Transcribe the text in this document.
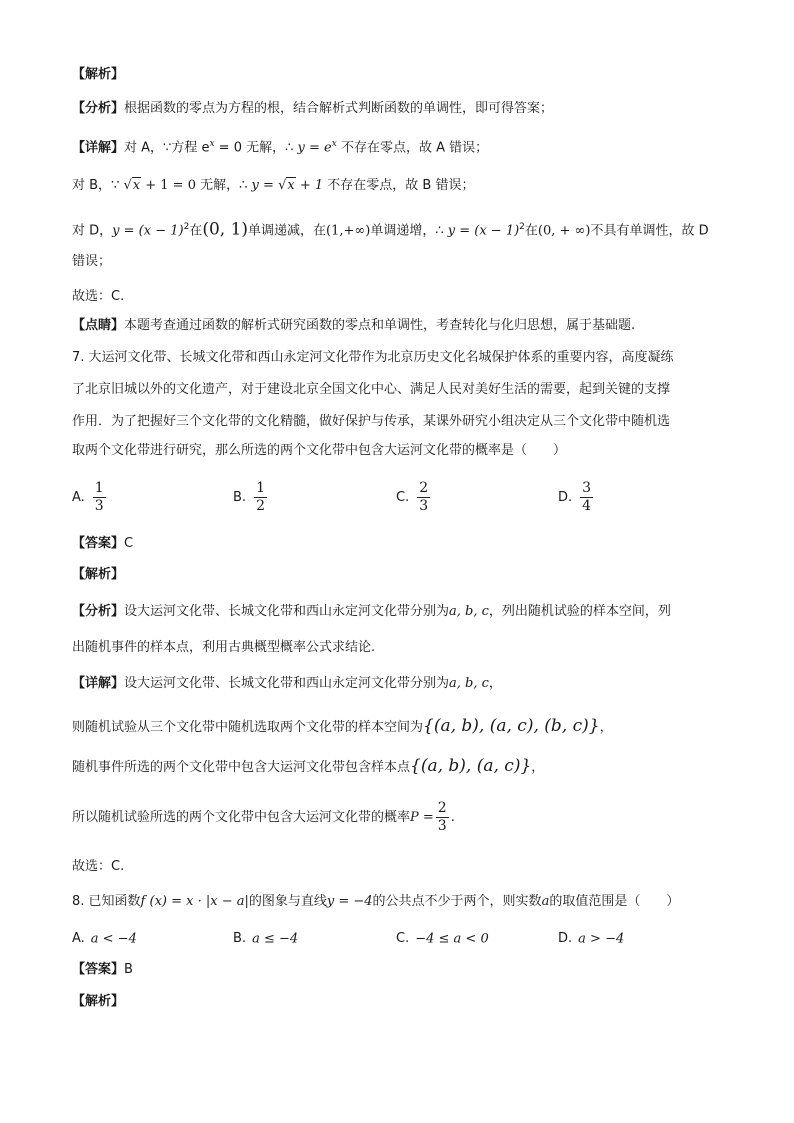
【解析】
【分析】根据函数的零点为方程的根，结合解析式判断函数的单调性，即可得答案；
【详解】对 A，∵方程 $e^x = 0$ 无解，∴ $y = e^x$ 不存在零点，故 A 错误；
对 B，∵ √x + 1 = 0 无解，∴ y = √x + 1 不存在零点，故 B 错误；
对 D，$y = (x - 1)^2$在(0, 1)单调递减，在(1,+∞)单调递增，∴ $y = (x - 1)^2$在(0, + ∞)不具有单调性，故 D
错误；
故选：C.
【点睛】本题考查通过函数的解析式研究函数的零点和单调性，考查转化与化归思想，属于基础题.
7. 大运河文化带、长城文化带和西山永定河文化带作为北京历史文化名城保护体系的重要内容，高度凝练
了北京旧城以外的文化遗产，对于建设北京全国文化中心、满足人民对美好生活的需要，起到关键的支撑
作用．为了把握好三个文化带的文化精髓，做好保护与传承，某课外研究小组决定从三个文化带中随机选
取两个文化带进行研究，那么所选的两个文化带中包含大运河文化带的概率是（　　）
A. $\frac{1}{3}$	B. $\frac{1}{2}$	C. $\frac{2}{3}$	D. $\frac{3}{4}$
【答案】C
【解析】
【分析】设大运河文化带、长城文化带和西山永定河文化带分别为a, b, c，列出随机试验的样本空间，列
出随机事件的样本点，利用古典概型概率公式求结论.
【详解】设大运河文化带、长城文化带和西山永定河文化带分别为a, b, c，
则随机试验从三个文化带中随机选取两个文化带的样本空间为{(a, b), (a, c), (b, c)}，
随机事件所选的两个文化带中包含大运河文化带包含样本点{(a, b), (a, c)}，
所以随机试验所选的两个文化带中包含大运河文化带的概率$P = \frac{2}{3}$ .
故选：C.
8. 已知函数f (x) = x · |x − a|的图象与直线y = −4的公共点不少于两个，则实数a的取值范围是（　　）
A. a < −4	B. a ≤ −4	C. −4 ≤ a < 0	D. a > −4
【答案】B
【解析】
